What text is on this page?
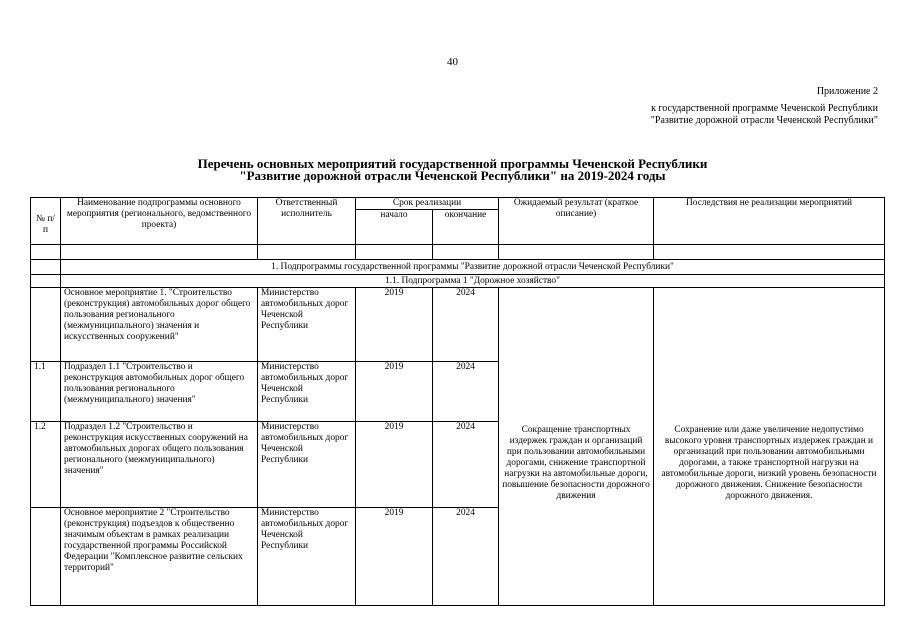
40
Приложение 2
к государственной программе Чеченской Республики
"Развитие дорожной отрасли Чеченской Республики"
Перечень основных мероприятий государственной программы Чеченской Республики
"Развитие дорожной отрасли Чеченской Республики" на 2019-2024 годы
№ п/п	Наименование подпрограммы основного мероприятия (регионального, ведомственного проекта)	Ответственный исполнитель	Срок реализации		Ожидаемый результат (краткое описание)	Последствия не реализации мероприятий
			начало	окончание		

	1. Подпрограммы государственной программы "Развитие дорожной отрасли Чеченской Республики"					
	1.1. Подпрограмма 1 "Дорожное хозяйство"					
	Основное мероприятие 1. "Строительство (реконструкция) автомобильных дорог общего пользования регионального (межмуниципального) значения и искусственных сооружений"	Министерство автомобильных дорог Чеченской Республики	2019	2024		
1.1	Подраздел 1.1 "Строительство и реконструкция автомобильных дорог общего пользования регионального (межмуниципального) значения"	Министерство автомобильных дорог Чеченской Республики	2019	2024	Сокращение транспортных издержек граждан и организаций при пользовании автомобильными дорогами, снижение транспортной нагрузки на автомобильные дороги, повышение безопасности дорожного движения	Сохранение или даже увеличение недопустимо высокого уровня транспортных издержек граждан и организаций при пользовании автомобильными дорогами, а также транспортной нагрузки на автомобильные дороги, низкий уровень безопасности дорожного движения. Снижение безопасности дорожного движения.
1.2	Подраздел 1.2 "Строительство и реконструкция искусственных сооружений на автомобильных дорогах общего пользования регионального (межмуниципального) значения"	Министерство автомобильных дорог Чеченской Республики	2019	2024		
	Основное мероприятие 2 "Строительство (реконструкция) подъездов к общественно значимым объектам в рамках реализации государственной программы Российской Федерации "Комплексное развитие сельских территорий"	Министерство автомобильных дорог Чеченской Республики	2019	2024		
